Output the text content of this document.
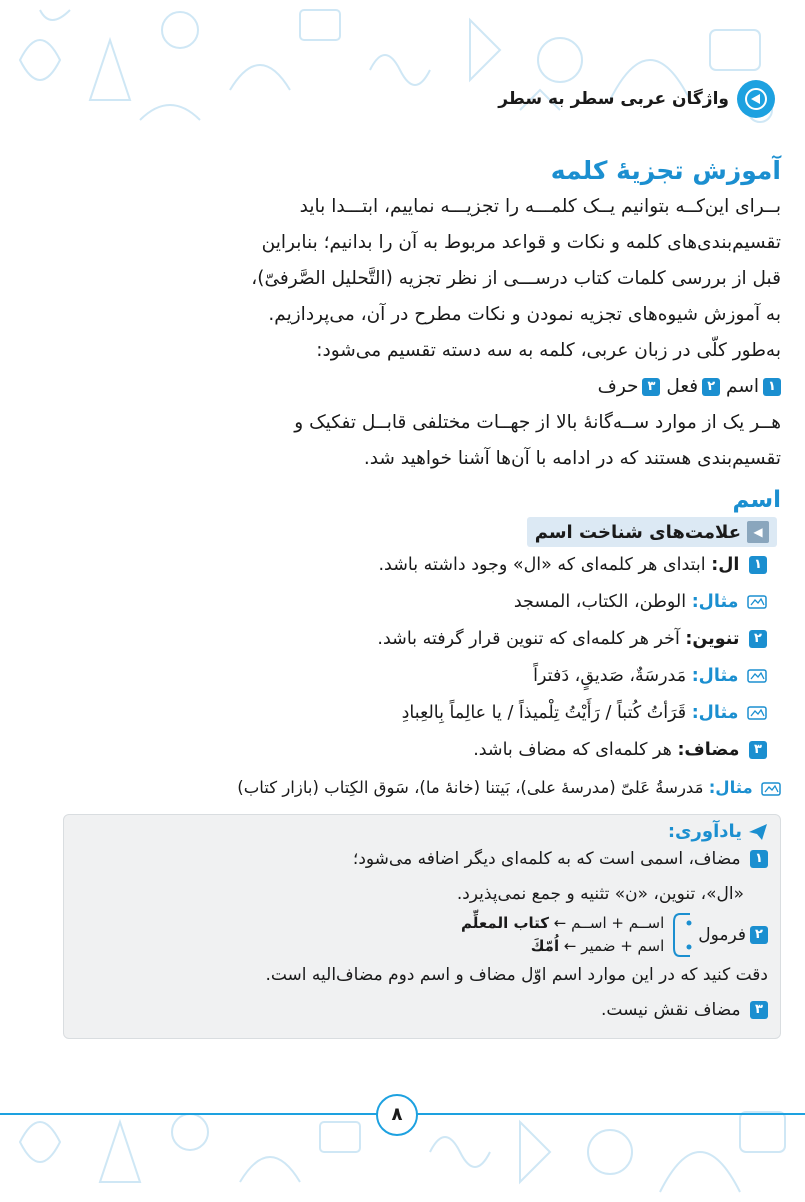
واژگان عربی سطر به سطر
آموزش تجزیهٔ کلمه
بــرای این‌کــه بتوانیم یــک کلمـــه را تجزیـــه نماییم، ابتـــدا باید
تقسیم‌بندی‌های کلمه و نکات و قواعد مربوط به آن را بدانیم؛ بنابراین
قبل از بررسی کلمات کتاب درســـی از نظر تجزیه (التَّحلیل الصَّرفیّ)،
به آموزش شیوه‌های تجزیه نمودن و نکات مطرح در آن، می‌پردازیم.
به‌طور کلّی در زبان عربی، کلمه به سه دسته تقسیم می‌شود:
۱اسم ۲فعل ۳حرف
هــر یک از موارد ســه‌گانهٔ بالا از جهــات مختلفی قابــل تفکیک و
تقسیم‌بندی هستند که در ادامه با آن‌ها آشنا خواهید شد.
اسم
◀
علامت‌های شناخت اسم
۱ ال: ابتدای هر کلمه‌ای که «ال» وجود داشته باشد.
مثال: الوطن، الکتاب، المسجد
۲ تنوین: آخر هر کلمه‌ای که تنوین قرار گرفته باشد.
مثال: مَدرسَةٌ، صَدیقٍ، دَفتراً
مثال: قَرَأتُ کُتباً / رَأَیْتُ تِلْمیذاً / یا عالِماً بِالعِبادِ
۳ مضاف: هر کلمه‌ای که مضاف باشد.
مثال: مَدرسةُ عَلیّ (مدرسهٔ علی)، بَیتنا (خانهٔ ما)، سَوق الکِتاب (بازار کتاب)
یادآوری:
۱ مضاف، اسمی است که به کلمه‌ای دیگر اضافه می‌شود؛
«ال»، تنوین، «ن» تثنیه و جمع نمی‌پذیرد.
۲
فرمول
اســم + اســم ← کتاب المعلِّم
اسم + ضمیر ← اُمّكَ
دقت کنید که در این موارد اسم اوّل مضاف و اسم دوم مضاف‌الیه است.
۳ مضاف نقش نیست.
۸
